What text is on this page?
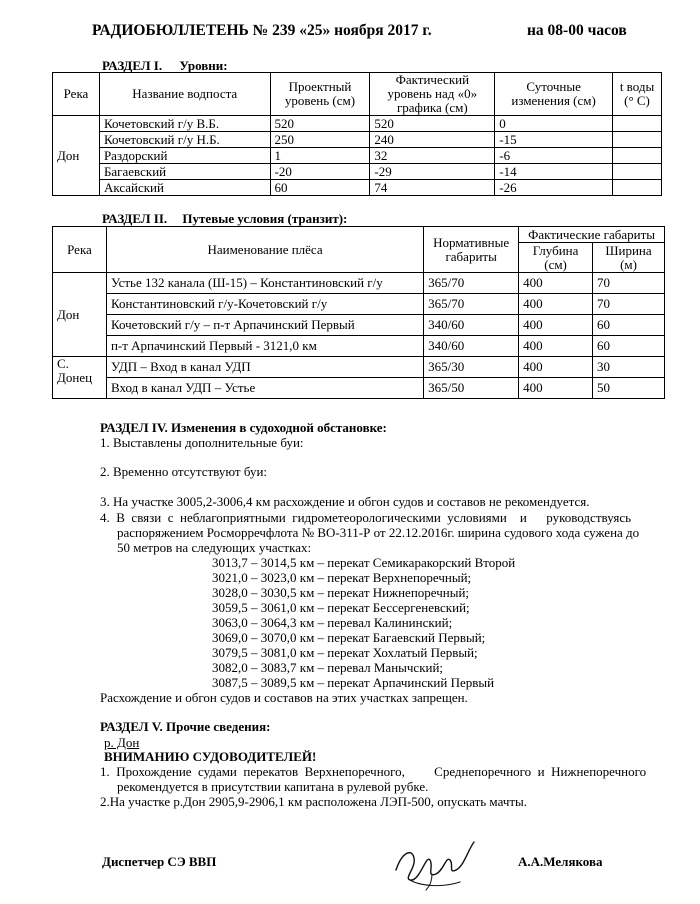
РАДИОБЮЛЛЕТЕНЬ № 239 «25» ноября 2017 г.	на 08-00 часов
РАЗДЕЛ I. Уровни:
Река	Название водпоста	Проектный уровень (см)	Фактический уровень над «0» графика (см)	Суточные изменения (см)	t воды (° C)
Дон	Кочетовский г/у В.Б.	520	520	0	
	Кочетовский г/у Н.Б.	250	240	-15	
	Раздорский	1	32	-6	
	Багаевский	-20	-29	-14	
	Аксайский	60	74	-26	
РАЗДЕЛ II. Путевые условия (транзит):
Река	Наименование плёса	Нормативные габариты	Фактические габариты	
			Глубина (см)	Ширина (м)
Дон	Устье 132 канала (Ш-15) – Константиновский г/у	365/70	400	70
	Константиновский г/у-Кочетовский г/у	365/70	400	70
	Кочетовский г/у – п-т Арпачинский Первый	340/60	400	60
	п-т Арпачинский Первый - 3121,0 км	340/60	400	60
С. Донец	УДП – Вход в канал УДП	365/30	400	30
	Вход в канал УДП – Устье	365/50	400	50
РАЗДЕЛ IV. Изменения в судоходной обстановке:
1. Выставлены дополнительные буи:
2. Временно отсутствуют буи:
3. На участке 3005,2-3006,4 км расхождение и обгон судов и составов не рекомендуется.
4.  В  связи  с  неблагоприятными  гидрометеорологическими  условиями    и      руководствуясь
распоряжением Росморречфлота № ВО-311-Р от 22.12.2016г. ширина судового хода сужена до
50 метров на следующих участках:
3013,7 – 3014,5 км – перекат Семикаракорский Второй
3021,0 – 3023,0 км – перекат Верхнепоречный;
3028,0 – 3030,5 км – перекат Нижнепоречный;
3059,5 – 3061,0 км – перекат Бессергеневский;
3063,0 – 3064,3 км – перевал Калининский;
3069,0 – 3070,0 км – перекат Багаевский Первый;
3079,5 – 3081,0 км – перекат Хохлатый Первый;
3082,0 – 3083,7 км – перевал Манычский;
3087,5 – 3089,5 км – перекат Арпачинский Первый
Расхождение и обгон судов и составов на этих участках запрещен.
РАЗДЕЛ V. Прочие сведения:
р. Дон
ВНИМАНИЮ СУДОВОДИТЕЛЕЙ!
1.  Прохождение  судами  перекатов  Верхнепоречного,         Среднепоречного  и  Нижнепоречного
рекомендуется в присутствии капитана в рулевой рубке.
2.На участке р.Дон 2905,9-2906,1 км расположена ЛЭП-500, опускать мачты.
Диспетчер СЭ ВВП	А.А.Мелякова
